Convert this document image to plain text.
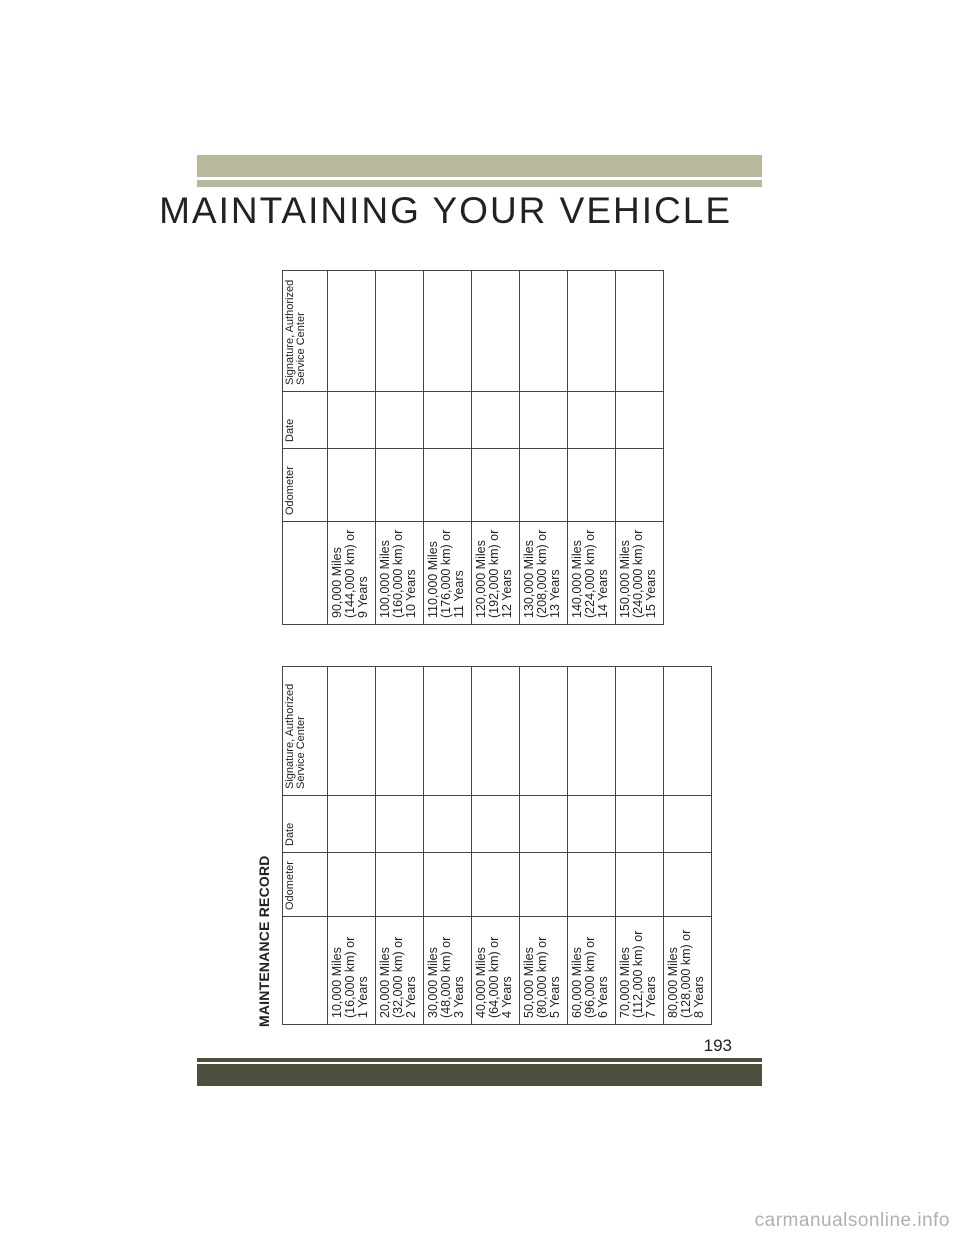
MAINTAINING YOUR VEHICLE
MAINTENANCE RECORD
	Odometer	Date	Signature, Authorized Service Center

10,000 Miles (16,000 km) or 1 Years			

20,000 Miles (32,000 km) or 2 Years			

30,000 Miles (48,000 km) or 3 Years			

40,000 Miles (64,000 km) or 4 Years			

50,000 Miles (80,000 km) or 5 Years			

60,000 Miles (96,000 km) or 6 Years			

70,000 Miles (112,000 km) or 7 Years			

80,000 Miles (128,000 km) or 8 Years			

	Odometer	Date	Signature, Authorized Service Center

90,000 Miles (144,000 km) or 9 Years			

100,000 Miles (160,000 km) or 10 Years			

110,000 Miles (176,000 km) or 11 Years			

120,000 Miles (192,000 km) or 12 Years			

130,000 Miles (208,000 km) or 13 Years			

140,000 Miles (224,000 km) or 14 Years			

150,000 Miles (240,000 km) or 15 Years			

193
carmanualsonline.info
